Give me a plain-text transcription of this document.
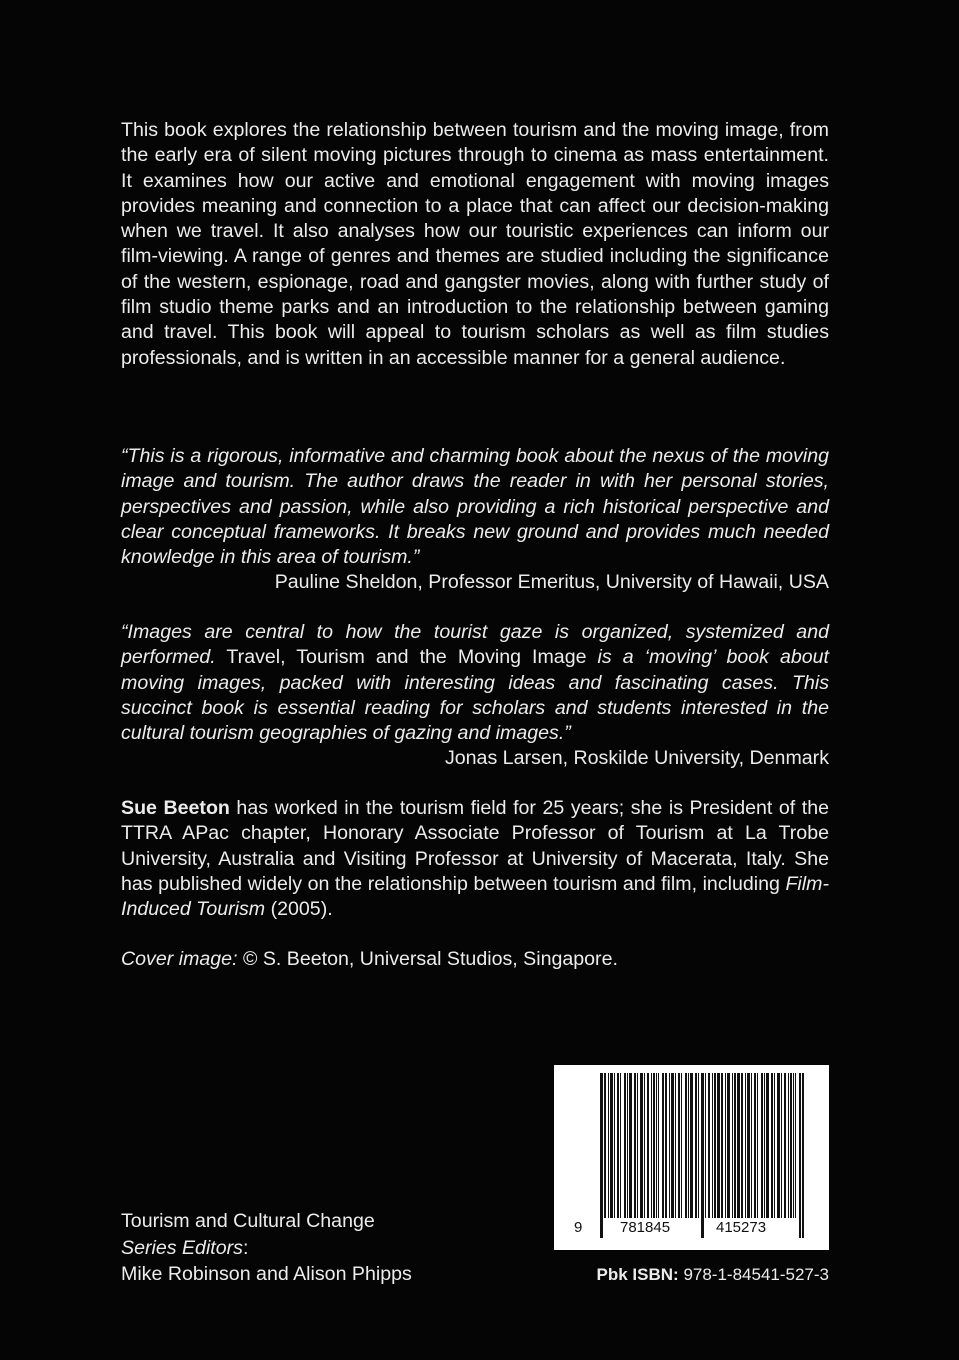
This book explores the relationship between tourism and the moving image, from the early era of silent moving pictures through to cinema as mass entertainment. It examines how our active and emotional engagement with moving images provides meaning and connection to a place that can affect our decision-making when we travel. It also analyses how our touristic experiences can inform our film-viewing. A range of genres and themes are studied including the significance of the western, espionage, road and gangster movies, along with further study of film studio theme parks and an introduction to the relationship between gaming and travel. This book will appeal to tourism scholars as well as film studies professionals, and is written in an accessible manner for a general audience.
“This is a rigorous, informative and charming book about the nexus of the moving image and tourism. The author draws the reader in with her personal stories, perspectives and passion, while also providing a rich historical perspective and clear conceptual frameworks. It breaks new ground and provides much needed knowledge in this area of tourism.”
Pauline Sheldon, Professor Emeritus, University of Hawaii, USA
“Images are central to how the tourist gaze is organized, systemized and performed. Travel, Tourism and the Moving Image is a ‘moving’ book about moving images, packed with interesting ideas and fascinating cases. This succinct book is essential reading for scholars and students interested in the cultural tourism geographies of gazing and images.”
Jonas Larsen, Roskilde University, Denmark
Sue Beeton has worked in the tourism field for 25 years; she is President of the TTRA APac chapter, Honorary Associate Professor of Tourism at La Trobe University, Australia and Visiting Professor at University of Macerata, Italy. She has published widely on the relationship between tourism and film, including Film-Induced Tourism (2005).
Cover image: © S. Beeton, Universal Studios, Singapore.
Tourism and Cultural Change
Series Editors:
Mike Robinson and Alison Phipps
9	781845	415273
Pbk ISBN: 978-1-84541-527-3
